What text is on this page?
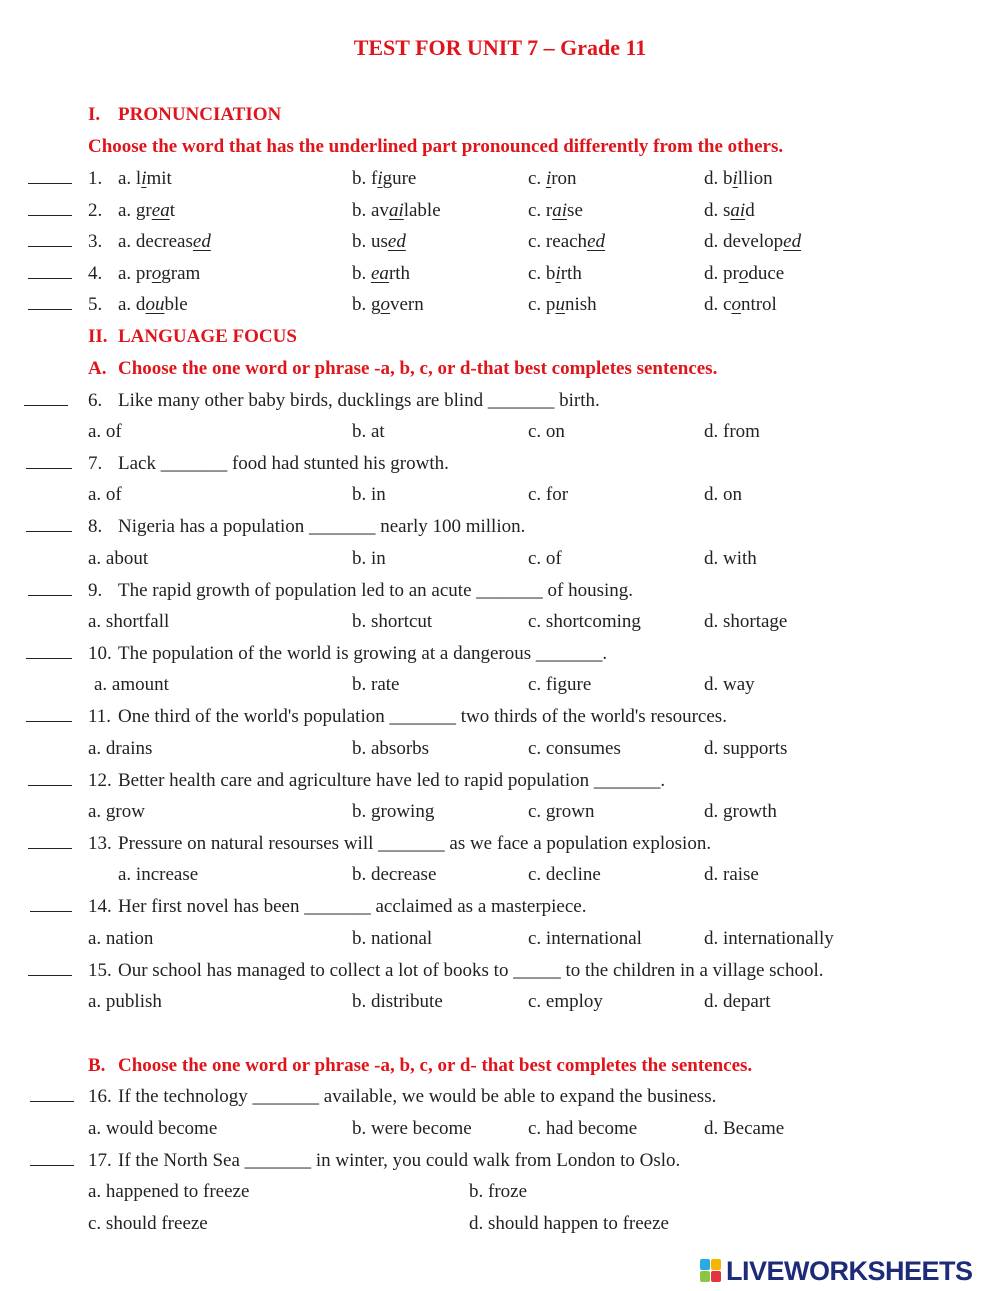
1. a. limit	b. figure	c. iron	d. billion
2. a. great	b. available	c. raise	d. said
3. a. decreased	b. used	c. reached	d. developed
4. a. program	b. earth	c. birth	d. produce
5. a. double	b. govern	c. punish	d. control
6. Like many other baby birds, ducklings are blind _______ birth.
a. of	b. at	c. on	d. from
7. Lack _______ food had stunted his growth.
a. of	b. in	c. for	d. on
8. Nigeria has a population _______ nearly 100 million.
a. about	b. in	c. of	d. with
9. The rapid growth of population led to an acute _______ of housing.
a. shortfall	b. shortcut	c. shortcoming	d. shortage
10. The population of the world is growing at a dangerous _______.
a. amount	b. rate	c. figure	d. way
11. One third of the world's population _______ two thirds of the world's resources.
a. drains	b. absorbs	c. consumes	d. supports
12. Better health care and agriculture have led to rapid population _______.
a. grow	b. growing	c. grown	d. growth
13. Pressure on natural resourses will _______ as we face a population explosion.
a. increase	b. decrease	c. decline	d. raise
14. Her first novel has been _______ acclaimed as a masterpiece.
a. nation	b. national	c. international	d. internationally
15. Our school has managed to collect a lot of books to _____ to the children in a village school.
a. publish	b. distribute	c. employ	d. depart
16. If the technology _______ available, we would be able to expand the business.
a. would become	b. were become	c. had become	d. Became
17. If the North Sea _______ in winter, you could walk from London to Oslo.
a. happened to freeze	b. froze
c. should freeze	d. should happen to freeze
TEST FOR UNIT 7 – Grade 11
I. PRONUNCIATION
Choose the word that has the underlined part pronounced differently from the others.
II. LANGUAGE FOCUS
A. Choose the one word or phrase -a, b, c, or d-that best completes sentences.
B. Choose the one word or phrase -a, b, c, or d- that best completes the sentences.
LIVEWORKSHEETS
